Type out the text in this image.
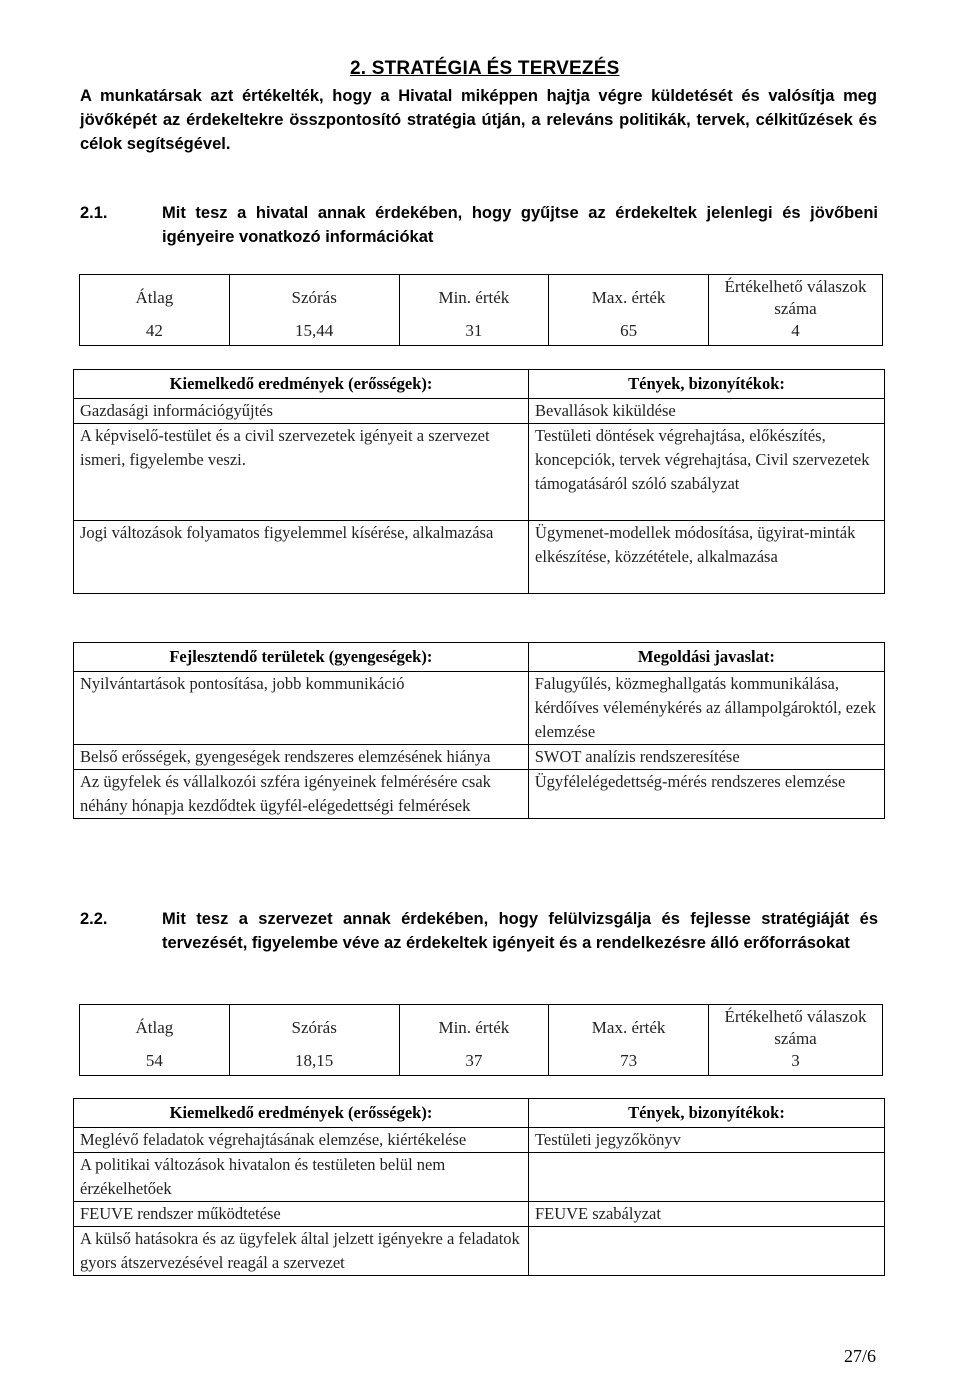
2. STRATÉGIA ÉS TERVEZÉS
A munkatársak azt értékelték, hogy a Hivatal miképpen hajtja végre küldetését és valósítja meg jövőképét az érdekeltekre összpontosító stratégia útján, a releváns politikák, tervek, célkitűzések és célok segítségével.
2.1.	Mit tesz a hivatal annak érdekében, hogy gyűjtse az érdekeltek jelenlegi és jövőbeni igényeire vonatkozó információkat
Átlag	Szórás	Min. érték	Max. érték	Értékelhető válaszok száma
42	15,44	31	65	4
Kiemelkedő eredmények (erősségek):	Tények, bizonyítékok:
Gazdasági információgyűjtés	Bevallások kiküldése
A képviselő-testület és a civil szervezetek igényeit a szervezet ismeri, figyelembe veszi.	Testületi döntések végrehajtása, előkészítés, koncepciók, tervek végrehajtása, Civil szervezetek támogatásáról szóló szabályzat
Jogi változások folyamatos figyelemmel kísérése, alkalmazása	Ügymenet-modellek módosítása, ügyirat-minták elkészítése, közzététele, alkalmazása
Fejlesztendő területek (gyengeségek):	Megoldási javaslat:
Nyilvántartások pontosítása, jobb kommunikáció	Falugyűlés, közmeghallgatás kommunikálása, kérdőíves véleménykérés az állampolgároktól, ezek elemzése
Belső erősségek, gyengeségek rendszeres elemzésének hiánya	SWOT analízis rendszeresítése
Az ügyfelek és vállalkozói szféra igényeinek felmérésére csak néhány hónapja kezdődtek ügyfél-elégedettségi felmérések	Ügyfélelégedettség-mérés rendszeres elemzése
2.2.	Mit tesz a szervezet annak érdekében, hogy felülvizsgálja és fejlesse stratégiáját és tervezését, figyelembe véve az érdekeltek igényeit és a rendelkezésre álló erőforrásokat
Átlag	Szórás	Min. érték	Max. érték	Értékelhető válaszok száma
54	18,15	37	73	3
Kiemelkedő eredmények (erősségek):	Tények, bizonyítékok:
Meglévő feladatok végrehajtásának elemzése, kiértékelése	Testületi jegyzőkönyv
A politikai változások hivatalon és testületen belül nem érzékelhetőek	
FEUVE rendszer működtetése	FEUVE szabályzat
A külső hatásokra és az ügyfelek által jelzett igényekre a feladatok gyors átszervezésével reagál a szervezet	
27/6
